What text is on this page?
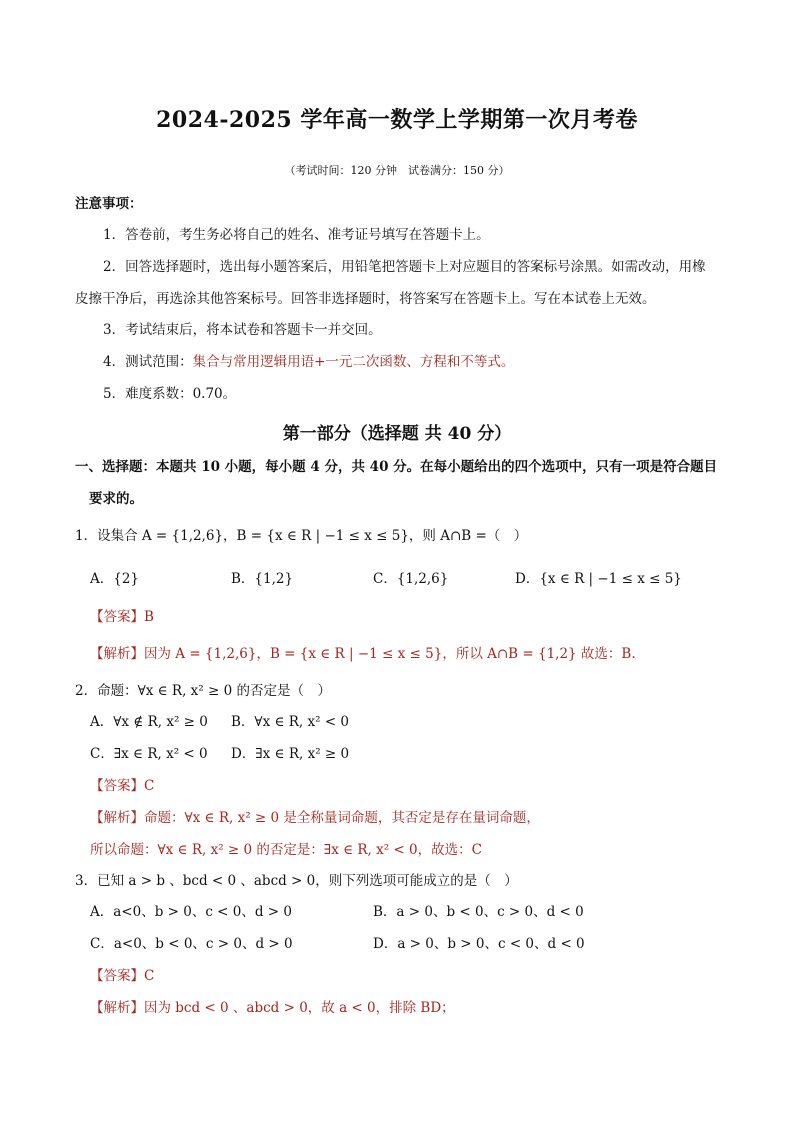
2024-2025 学年高一数学上学期第一次月考卷
（考试时间：120 分钟　试卷满分：150 分）
注意事项：
1．答卷前，考生务必将自己的姓名、准考证号填写在答题卡上。
2．回答选择题时，选出每小题答案后，用铅笔把答题卡上对应题目的答案标号涂黑。如需改动，用橡
皮擦干净后，再选涂其他答案标号。回答非选择题时，将答案写在答题卡上。写在本试卷上无效。
3．考试结束后，将本试卷和答题卡一并交回。
4．测试范围：集合与常用逻辑用语+一元二次函数、方程和不等式。
5．难度系数：0.70。
第一部分（选择题 共 40 分）
一、选择题：本题共 10 小题，每小题 4 分，共 40 分。在每小题给出的四个选项中，只有一项是符合题目
要求的。
1．设集合 A = {1,2,6}，B = {x ∈ R | −1 ≤ x ≤ 5}，则 A∩B =（　）
A．{2}	B．{1,2}	C．{1,2,6}	D．{x ∈ R | −1 ≤ x ≤ 5}
【答案】B
【解析】因为 A = {1,2,6}，B = {x ∈ R | −1 ≤ x ≤ 5}，所以 A∩B = {1,2} 故选：B.
2．命题：∀x ∈ R, x² ≥ 0 的否定是（　）
A．∀x ∉ R, x² ≥ 0 B．∀x ∈ R, x² < 0
C．∃x ∈ R, x² < 0 D．∃x ∈ R, x² ≥ 0
【答案】C
【解析】命题：∀x ∈ R, x² ≥ 0 是全称量词命题，其否定是存在量词命题，
所以命题：∀x ∈ R, x² ≥ 0 的否定是：∃x ∈ R, x² < 0，故选：C
3．已知 a > b 、bcd < 0 、abcd > 0，则下列选项可能成立的是（　）
A．a<0、b > 0、c < 0、d > 0	B．a > 0、b < 0、c > 0、d < 0
C．a<0、b < 0、c > 0、d > 0	D．a > 0、b > 0、c < 0、d < 0
【答案】C
【解析】因为 bcd < 0 、abcd > 0，故 a < 0，排除 BD；
